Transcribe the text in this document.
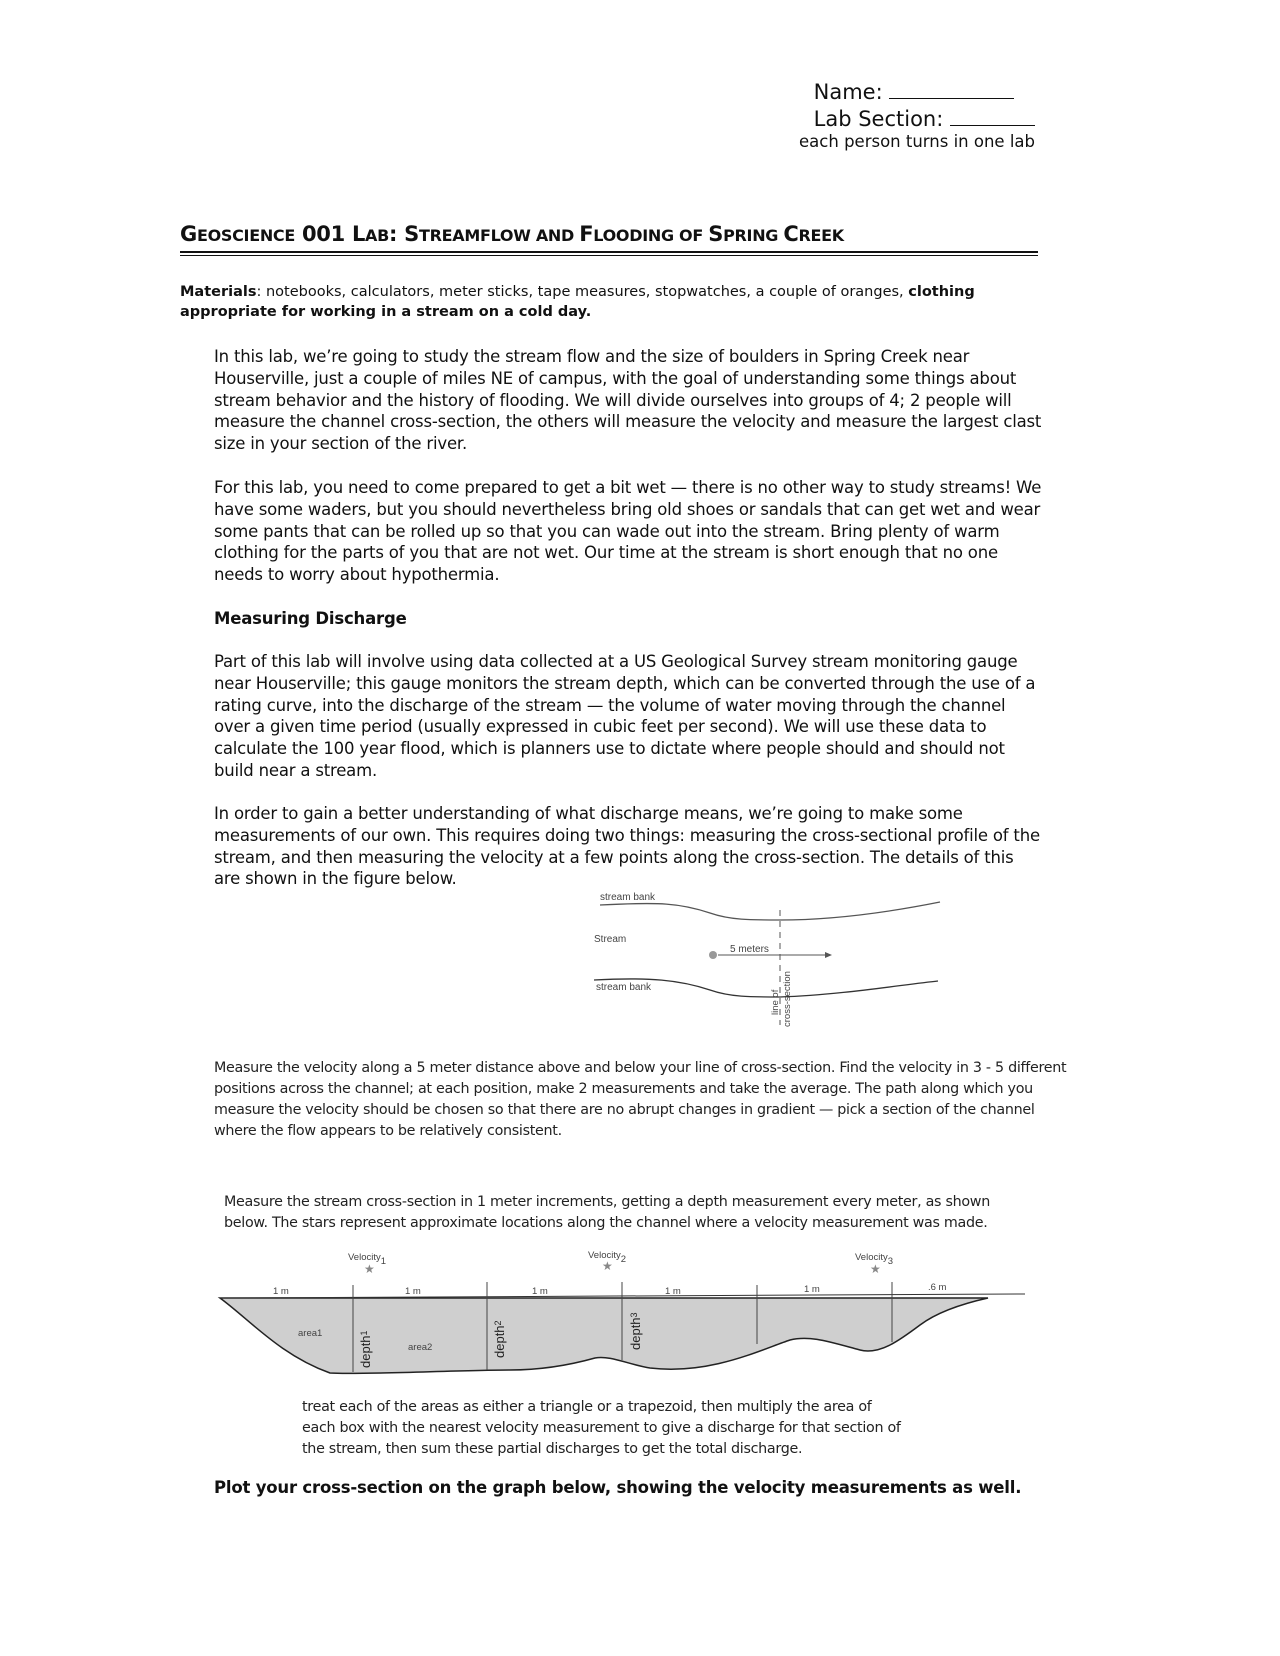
Name:
Lab Section:
each person turns in one lab
GEOSCIENCE 001 LAB: STREAMFLOW AND FLOODING OF SPRING CREEK
Materials: notebooks, calculators, meter sticks, tape measures, stopwatches, a couple of oranges, clothing appropriate for working in a stream on a cold day.
In this lab, we’re going to study the stream flow and the size of boulders in Spring Creek near Houserville, just a couple of miles NE of campus, with the goal of understanding some things about stream behavior and the history of flooding. We will divide ourselves into groups of 4; 2 people will measure the channel cross-section, the others will measure the velocity and measure the largest clast size in your section of the river.
For this lab, you need to come prepared to get a bit wet — there is no other way to study streams! We have some waders, but you should nevertheless bring old shoes or sandals that can get wet and wear some pants that can be rolled up so that you can wade out into the stream. Bring plenty of warm clothing for the parts of you that are not wet. Our time at the stream is short enough that no one needs to worry about hypothermia.
Measuring Discharge
Part of this lab will involve using data collected at a US Geological Survey stream monitoring gauge near Houserville; this gauge monitors the stream depth, which can be converted through the use of a rating curve, into the discharge of the stream — the volume of water moving through the channel over a given time period (usually expressed in cubic feet per second). We will use these data to calculate the 100 year flood, which is planners use to dictate where people should and should not build near a stream.
In order to gain a better understanding of what discharge means, we’re going to make some measurements of our own. This requires doing two things: measuring the cross-sectional profile of the stream, and then measuring the velocity at a few points along the cross-section. The details of this are shown in the figure below.
stream bank
Stream
5 meters
stream bank
line of cross-section
Measure the velocity along a 5 meter distance above and below your line of cross-section. Find the velocity in 3 - 5 different positions across the channel; at each position, make 2 measurements and take the average. The path along which you measure the velocity should be chosen so that there are no abrupt changes in gradient — pick a section of the channel where the flow appears to be relatively consistent.
Measure the stream cross-section in 1 meter increments, getting a depth measurement every meter, as shown below. The stars represent approximate locations along the channel where a velocity measurement was made.
1 m	1 m	1 m	1 m	1 m	.6 m
Velocity1
Velocity2	Velocity3
★	★	★
depth$^1$	depth$^2$	depth$^3$
area1
area2
treat each of the areas as either a triangle or a trapezoid, then multiply the area of each box with the nearest velocity measurement to give a discharge for that section of the stream, then sum these partial discharges to get the total discharge.
Plot your cross-section on the graph below, showing the velocity measurements as well.
